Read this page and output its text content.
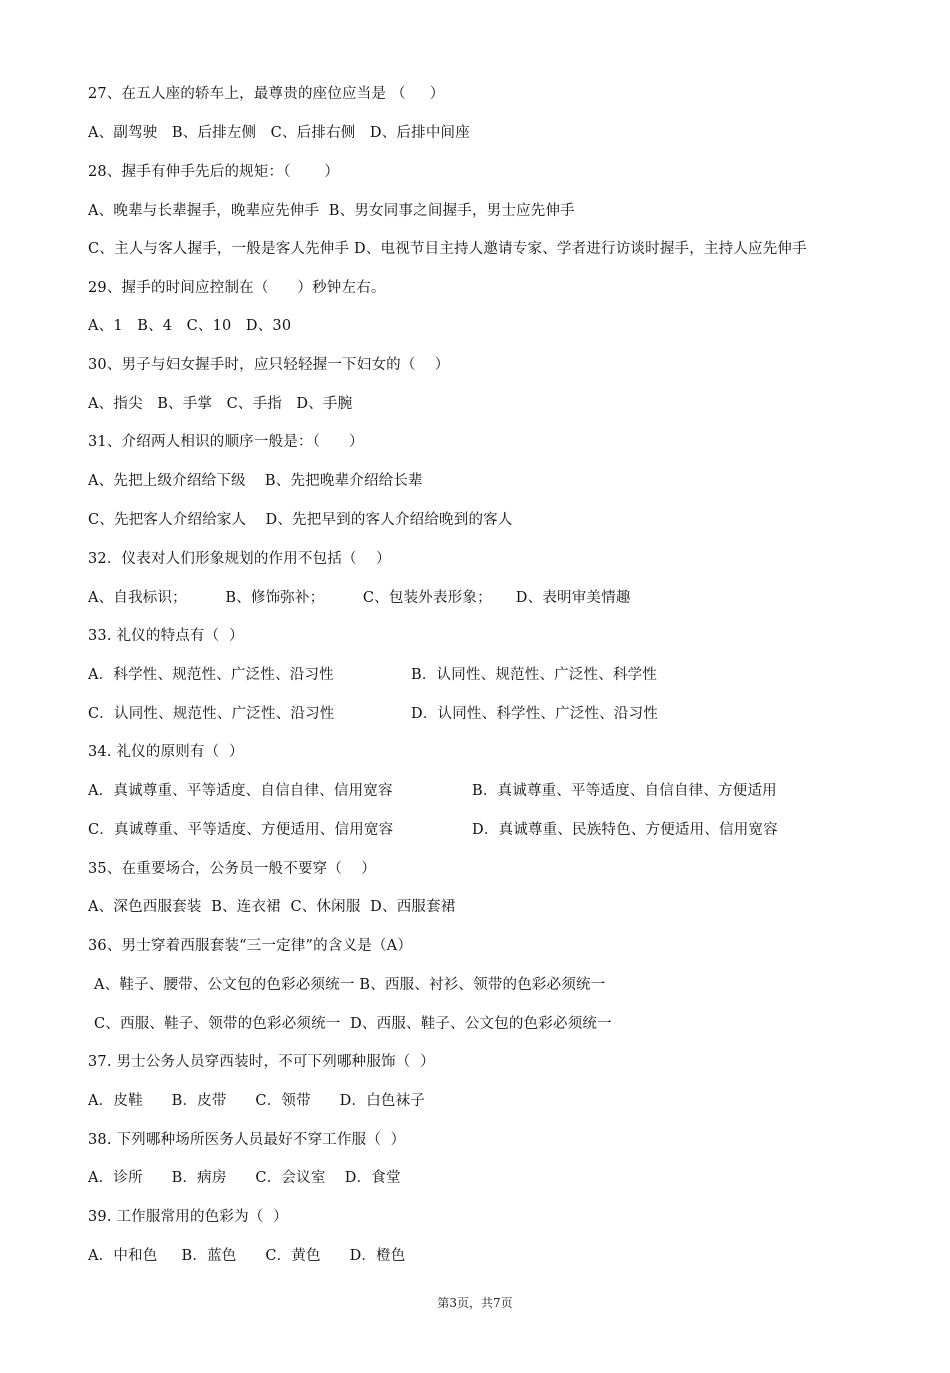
27、在五人座的轿车上，最尊贵的座位应当是 （     ）
A、副驾驶   B、后排左侧   C、后排右侧   D、后排中间座
28、握手有伸手先后的规矩：（       ）
A、晚辈与长辈握手，晚辈应先伸手  B、男女同事之间握手，男士应先伸手
C、主人与客人握手，一般是客人先伸手 D、电视节目主持人邀请专家、学者进行访谈时握手，主持人应先伸手
29、握手的时间应控制在（      ）秒钟左右。
A、1   B、4   C、10   D、30
30、男子与妇女握手时，应只轻轻握一下妇女的（    ）
A、指尖   B、手掌   C、手指   D、手腕
31、介绍两人相识的顺序一般是：（      ）
A、先把上级介绍给下级    B、先把晚辈介绍给长辈
C、先把客人介绍给家人    D、先把早到的客人介绍给晚到的客人
32．仪表对人们形象规划的作用不包括（    ）
A、自我标识；        B、修饰弥补；        C、包装外表形象；     D、表明审美情趣
33. 礼仪的特点有（  ）
A．科学性、规范性、广泛性、沿习性	B．认同性、规范性、广泛性、科学性
C．认同性、规范性、广泛性、沿习性	D．认同性、科学性、广泛性、沿习性
34. 礼仪的原则有（  ）
A．真诚尊重、平等适度、自信自律、信用宽容	B．真诚尊重、平等适度、自信自律、方便适用
C．真诚尊重、平等适度、方便适用、信用宽容	D．真诚尊重、民族特色、方便适用、信用宽容
35、在重要场合，公务员一般不要穿（    ）
A、深色西服套装  B、连衣裙  C、休闲服  D、西服套裙
36、男士穿着西服套装“三一定律”的含义是（A）
A、鞋子、腰带、公文包的色彩必须统一 B、西服、衬衫、领带的色彩必须统一
C、西服、鞋子、领带的色彩必须统一  D、西服、鞋子、公文包的色彩必须统一
37. 男士公务人员穿西装时，不可下列哪种服饰（  ）
A．皮鞋      B．皮带      C．领带      D．白色袜子
38. 下列哪种场所医务人员最好不穿工作服（  ）
A．诊所      B．病房      C．会议室    D．食堂
39. 工作服常用的色彩为（  ）
A．中和色     B．蓝色      C．黄色      D．橙色
第3页，共7页
